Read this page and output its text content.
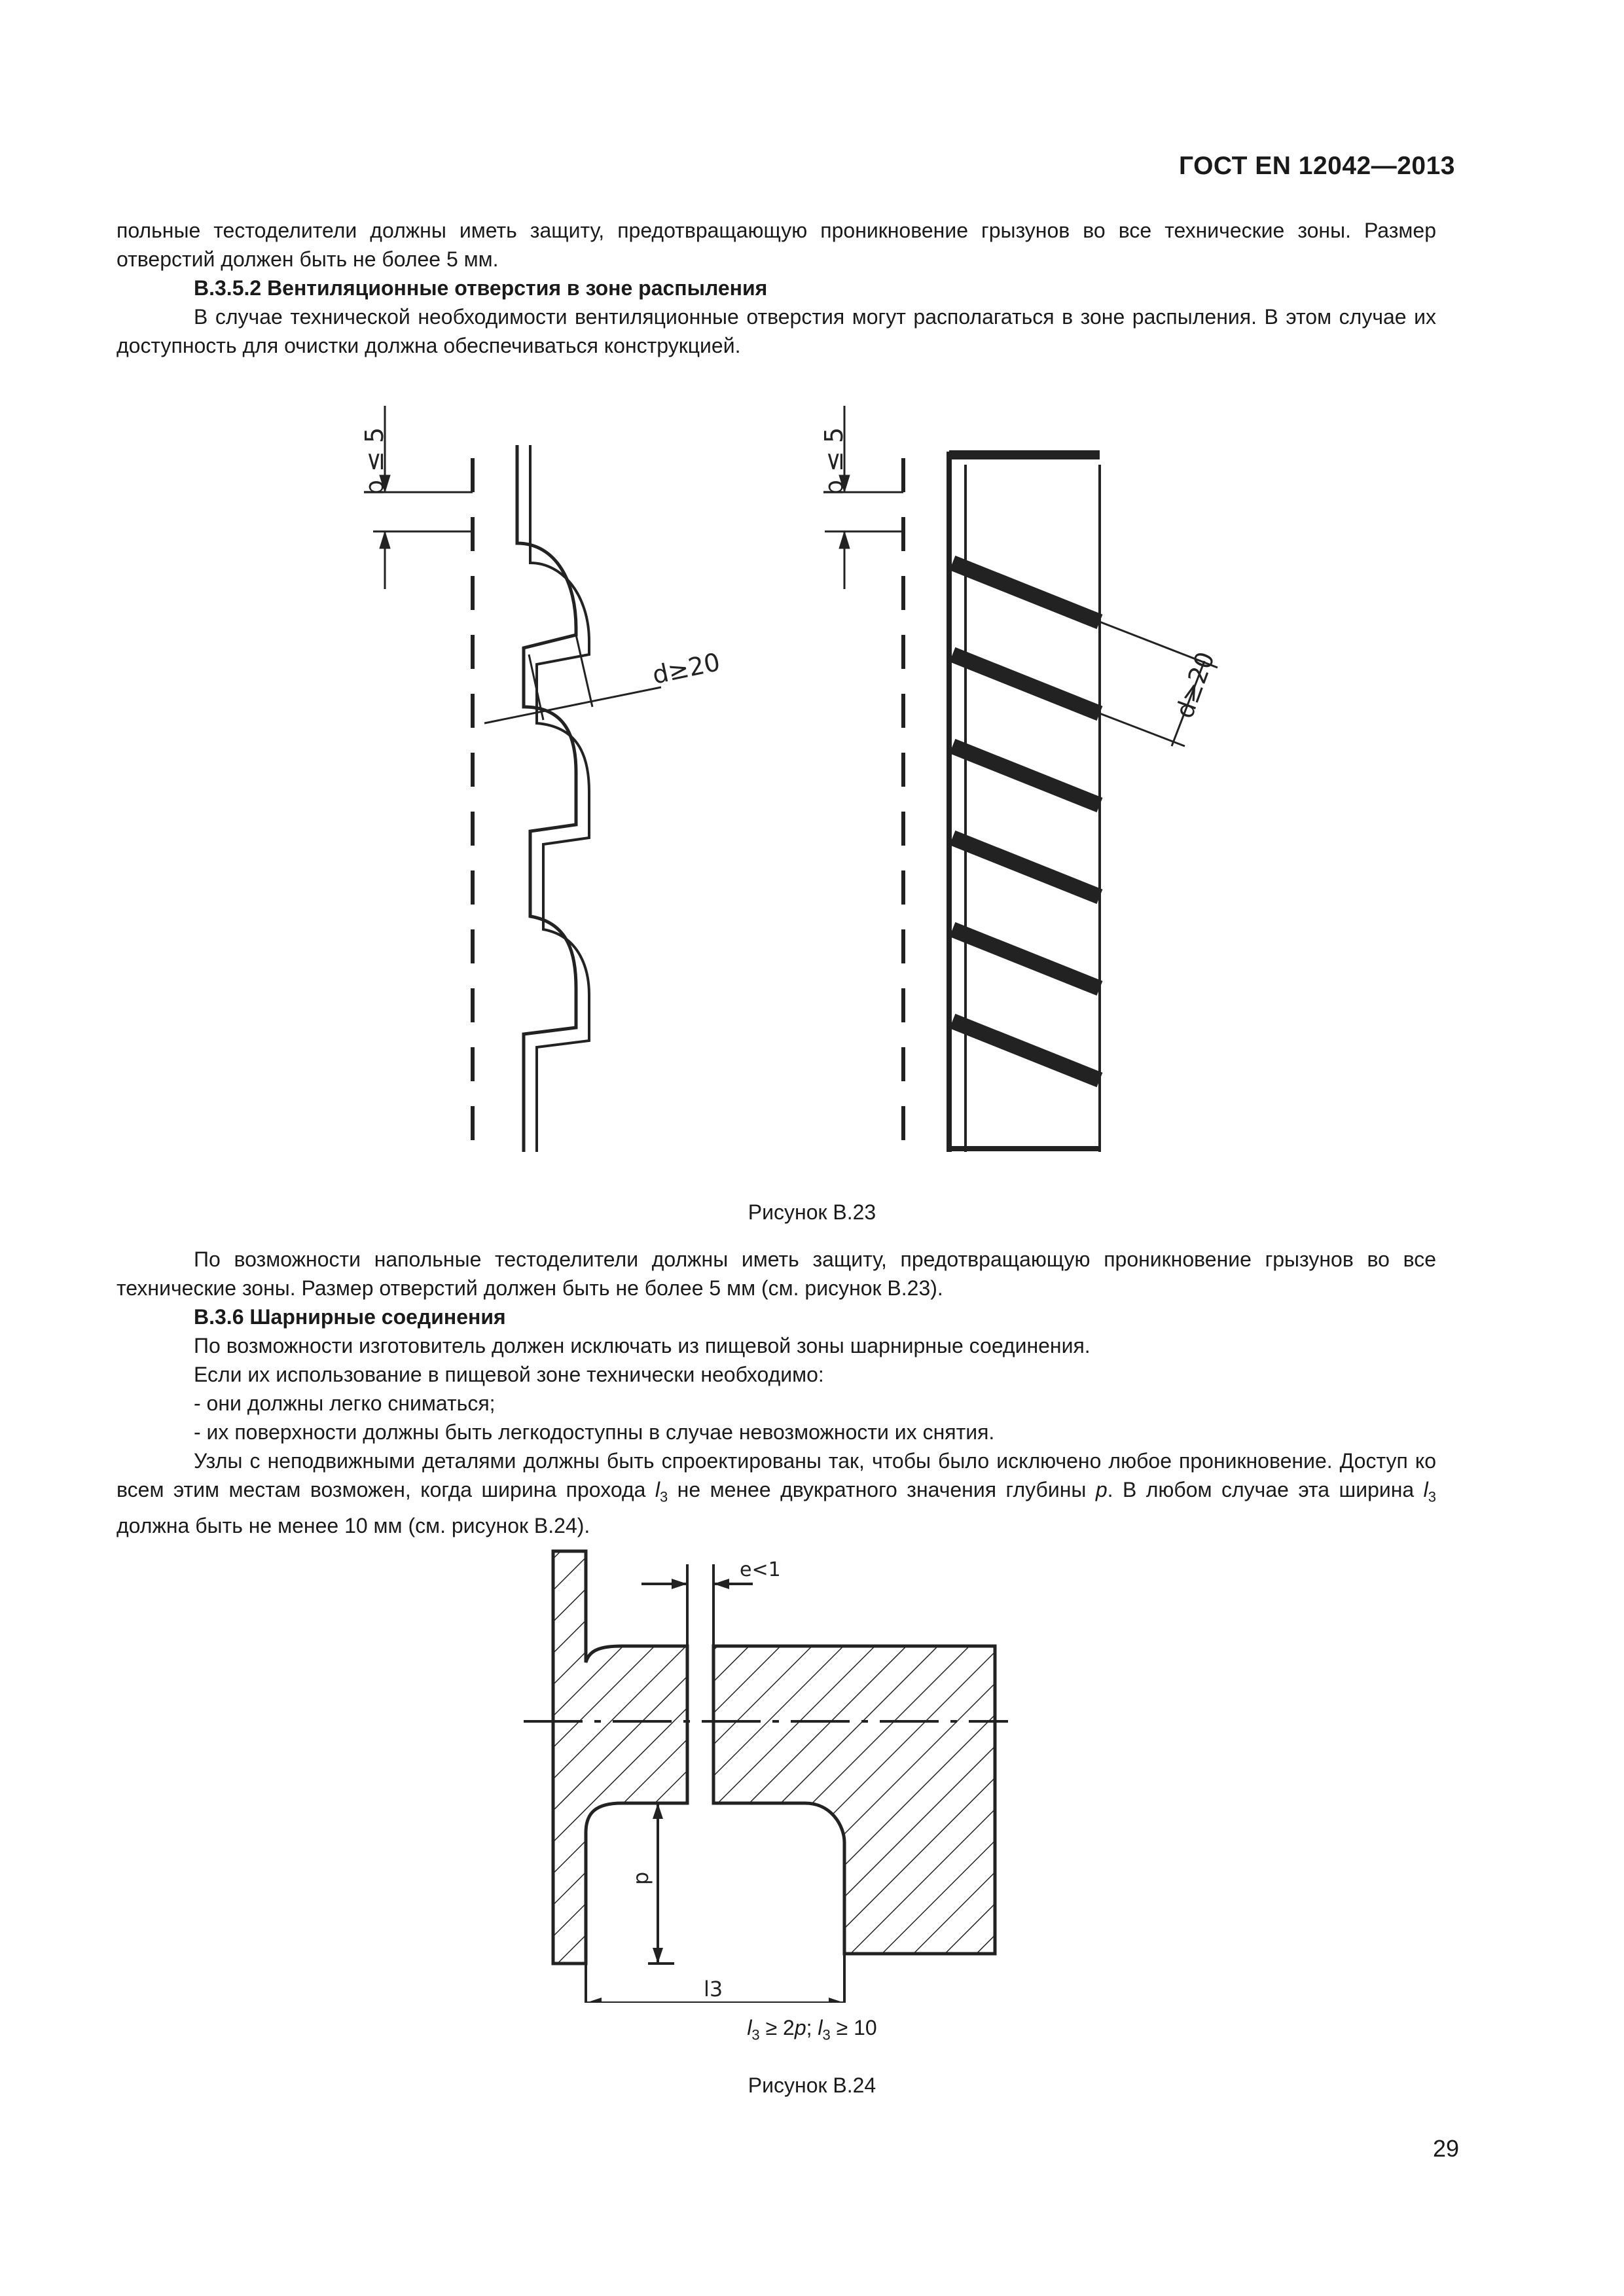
ГОСТ EN 12042—2013
польные тестоделители должны иметь защиту, предотвращающую проникновение грызунов во все технические зоны. Размер отверстий должен быть не более 5 мм.
B.3.5.2 Вентиляционные отверстия в зоне распыления
В случае технической необходимости вентиляционные отверстия могут располагаться в зоне распыления. В этом случае их доступность для очистки должна обеспечиваться конструкцией.
b ≤ 5
d≥20
b ≤ 5
d≥20
Рисунок B.23
По возможности напольные тестоделители должны иметь защиту, предотвращающую проникновение грызунов во все технические зоны. Размер отверстий должен быть не более 5 мм (см. рисунок B.23).
B.3.6 Шарнирные соединения
По возможности изготовитель должен исключать из пищевой зоны шарнирные соединения.
Если их использование в пищевой зоне технически необходимо:
- они должны легко сниматься;
- их поверхности должны быть легкодоступны в случае невозможности их снятия.
Узлы с неподвижными деталями должны быть спроектированы так, чтобы было исключено любое проникновение. Доступ ко всем этим местам возможен, когда ширина прохода $l_3$ не менее двукратного значения глубины p. В любом случае эта ширина $l_3$ должна быть не менее 10 мм (см. рисунок B.24).
e<1
p
l3
$l_3 \ge 2p$; $l_3 \ge 10$
Рисунок B.24
29
